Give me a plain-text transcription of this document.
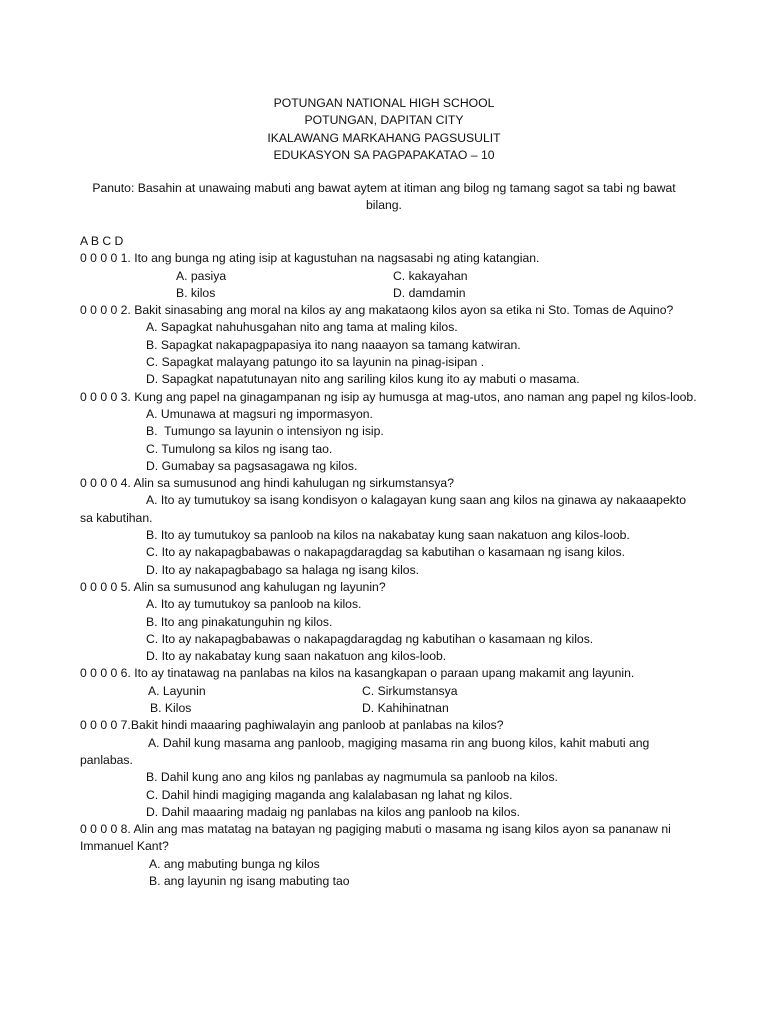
POTUNGAN NATIONAL HIGH SCHOOL
POTUNGAN, DAPITAN CITY
IKALAWANG MARKAHANG PAGSUSULIT
EDUKASYON SA PAGPAPAKATAO – 10
Panuto: Basahin at unawaing mabuti ang bawat aytem at itiman ang bilog ng tamang sagot sa tabi ng bawat bilang.
A B C D
0 0 0 0 1. Ito ang bunga ng ating isip at kagustuhan na nagsasabi ng ating katangian.
A. pasiya	C. kakayahan
B. kilos	D. damdamin
0 0 0 0 2. Bakit sinasabing ang moral na kilos ay ang makataong kilos ayon sa etika ni Sto. Tomas de Aquino?
A. Sapagkat nahuhusgahan nito ang tama at maling kilos.
B. Sapagkat nakapagpapasiya ito nang naaayon sa tamang katwiran.
C. Sapagkat malayang patungo ito sa layunin na pinag-isipan .
D. Sapagkat napatutunayan nito ang sariling kilos kung ito ay mabuti o masama.
0 0 0 0 3. Kung ang papel na ginagampanan ng isip ay humusga at mag-utos, ano naman ang papel ng kilos-loob.
A. Umunawa at magsuri ng impormasyon.
B.  Tumungo sa layunin o intensiyon ng isip.
C. Tumulong sa kilos ng isang tao.
D. Gumabay sa pagsasagawa ng kilos.
0 0 0 0 4. Alin sa sumusunod ang hindi kahulugan ng sirkumstansya?
A. Ito ay tumutukoy sa isang kondisyon o kalagayan kung saan ang kilos na ginawa ay nakaaapekto sa kabutihan.
B. Ito ay tumutukoy sa panloob na kilos na nakabatay kung saan nakatuon ang kilos-loob.
C. Ito ay nakapagbabawas o nakapagdaragdag sa kabutihan o kasamaan ng isang kilos.
D. Ito ay nakapagbabago sa halaga ng isang kilos.
0 0 0 0 5. Alin sa sumusunod ang kahulugan ng layunin?
A. Ito ay tumutukoy sa panloob na kilos.
B. Ito ang pinakatunguhin ng kilos.
C. Ito ay nakapagbabawas o nakapagdaragdag ng kabutihan o kasamaan ng kilos.
D. Ito ay nakabatay kung saan nakatuon ang kilos-loob.
0 0 0 0 6. Ito ay tinatawag na panlabas na kilos na kasangkapan o paraan upang makamit ang layunin.
A. Layunin	C. Sirkumstansya
B. Kilos	D. Kahihinatnan
0 0 0 0 7.Bakit hindi maaaring paghiwalayin ang panloob at panlabas na kilos?
A. Dahil kung masama ang panloob, magiging masama rin ang buong kilos, kahit mabuti ang panlabas.
B. Dahil kung ano ang kilos ng panlabas ay nagmumula sa panloob na kilos.
C. Dahil hindi magiging maganda ang kalalabasan ng lahat ng kilos.
D. Dahil maaaring madaig ng panlabas na kilos ang panloob na kilos.
0 0 0 0 8. Alin ang mas matatag na batayan ng pagiging mabuti o masama ng isang kilos ayon sa pananaw ni Immanuel Kant?
A. ang mabuting bunga ng kilos
B. ang layunin ng isang mabuting tao
